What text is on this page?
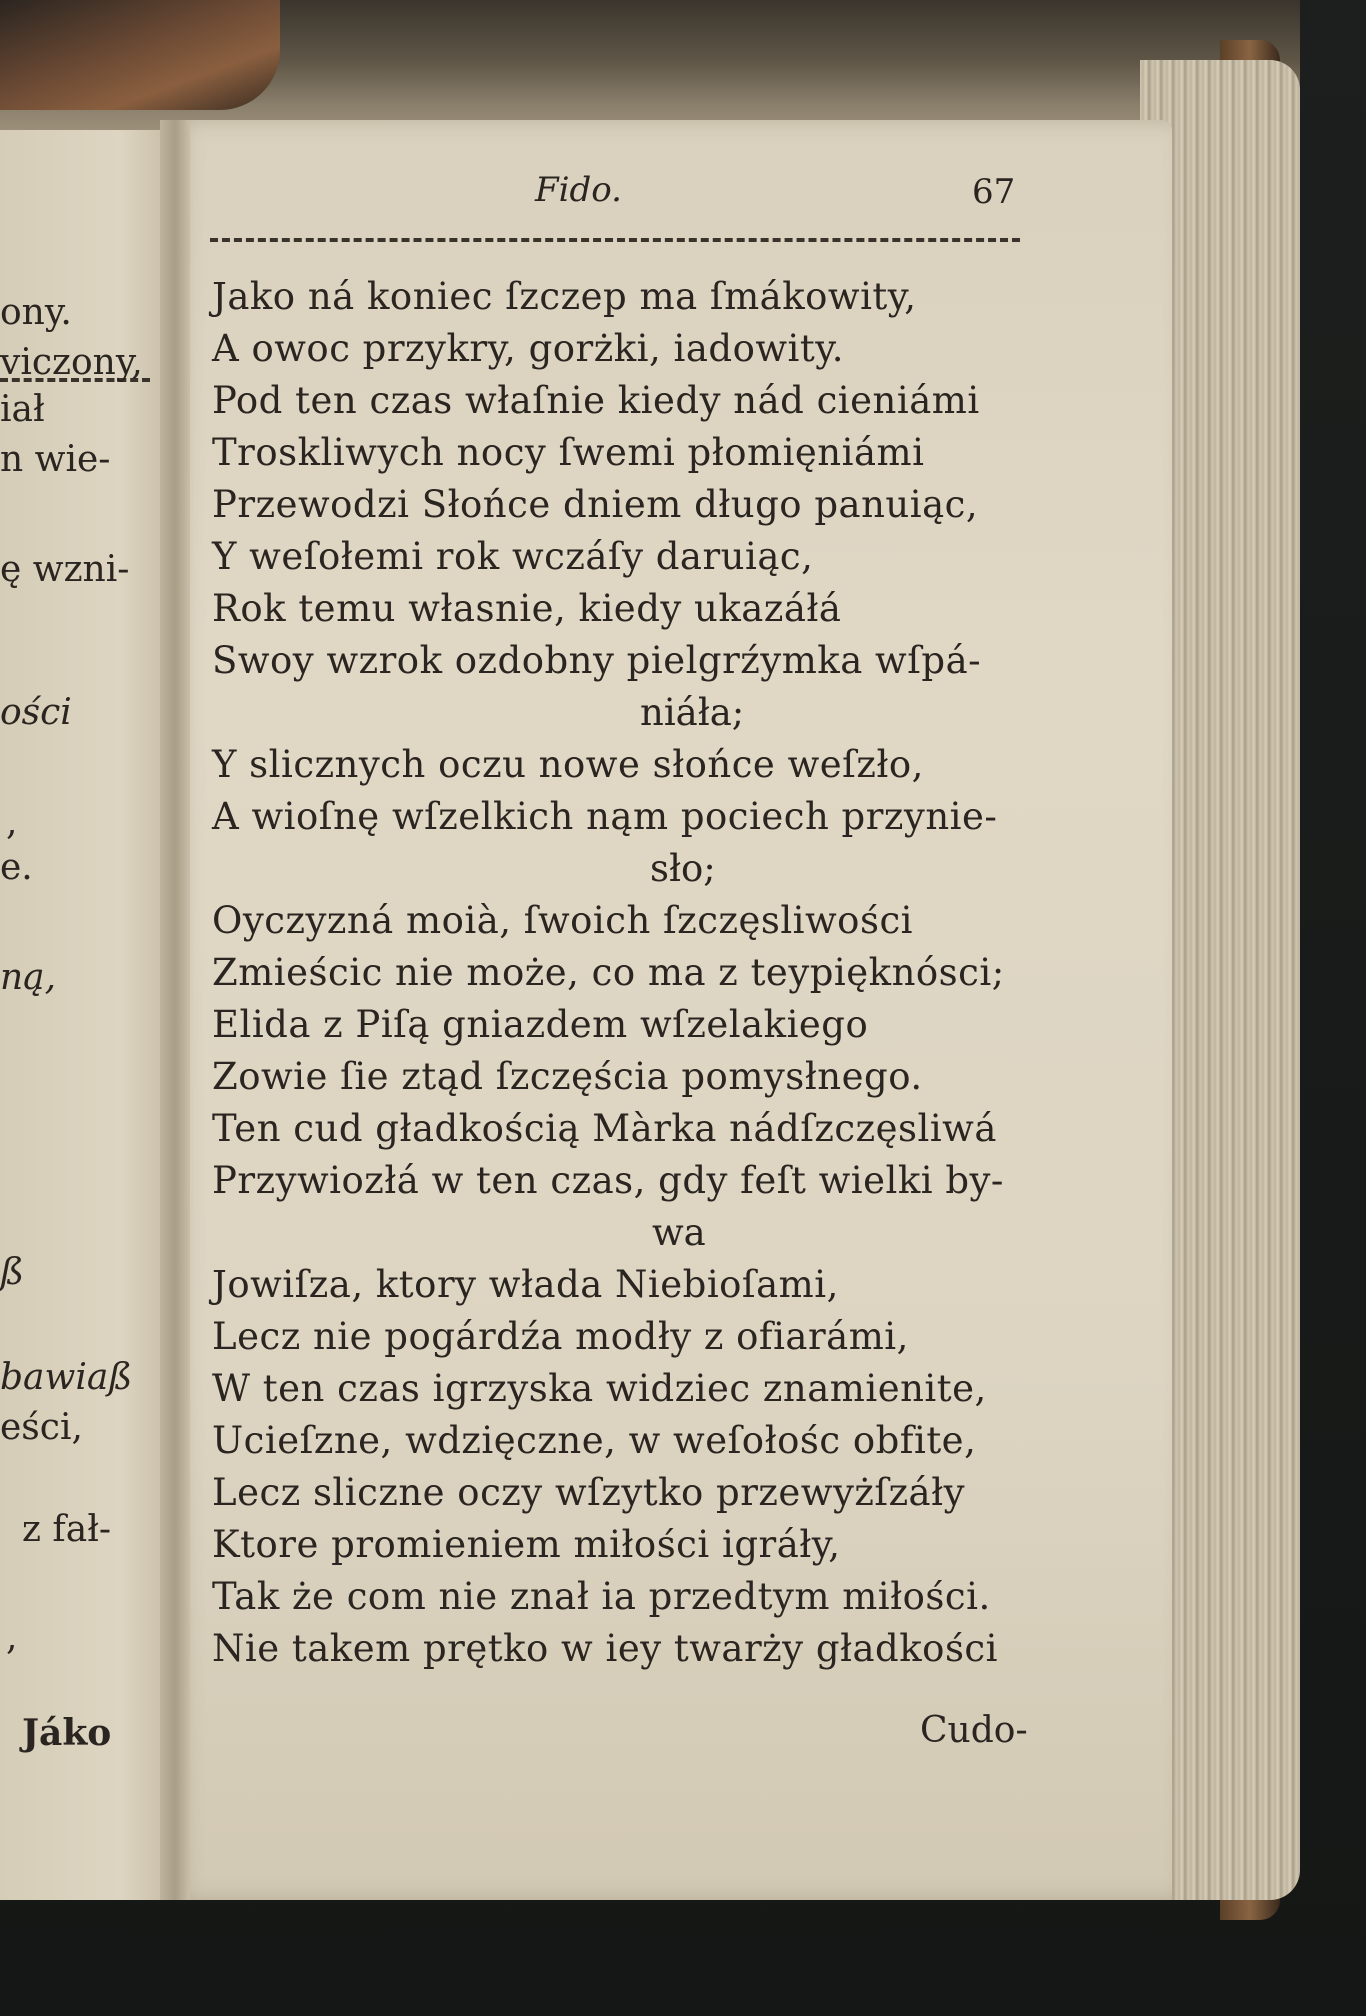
ony.
viczony,
iał
n wie-
ę wzni-
ości
,
e.
ną,
ß
bawiaß
eści,
z fał-
,
Jáko
Fido.	67
Jako ná koniec ſzczep ma ſmákowity,
A owoc przykry, gorżki, iadowity.
Pod ten czas właſnie kiedy nád cieniámi
Troskliwych nocy ſwemi płomięniámi
Przewodzi Słońce dniem długo panuiąc,
Y weſołemi rok wczáſy daruiąc,
Rok temu własnie, kiedy ukazáłá
Swoy wzrok ozdobny pielgrźymka wſpá-
niáła;
Y slicznych oczu nowe słońce weſzło,
A wioſnę wſzelkich nąm pociech przynie-
sło;
Oyczyzná moià, ſwoich ſzczęsliwości
Zmieścic nie może, co ma z teypięknósci;
Elida z Piſą gniazdem wſzelakiego
Zowie ſie ztąd ſzczęścia pomysłnego.
Ten cud gładkością Màrka nádſzczęsliwá
Przywiozłá w ten czas, gdy feſt wielki by-
wa
Jowiſza, ktory włada Niebioſami,
Lecz nie pogárdźa modły z ofiarámi,
W ten czas igrzyska widziec znamienite,
Ucieſzne, wdzięczne, w weſołośc obfite,
Lecz sliczne oczy wſzytko przewyżſzáły
Ktore promieniem miłości igráły,
Tak że com nie znał ia przedtym miłości.
Nie takem prętko w iey twarży gładkości
Cudo-
